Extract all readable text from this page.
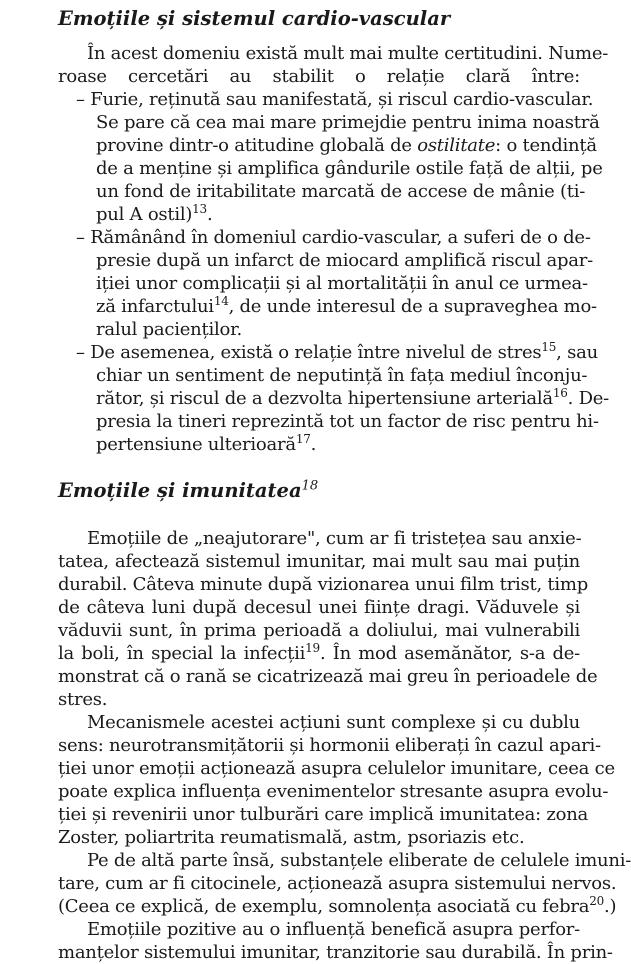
Emoțiile și sistemul cardio-vascular
În acest domeniu există mult mai multe certitudini. Nume-
roase cercetări au stabilit o relație clară între:
– Furie, reținută sau manifestată, și riscul cardio-vascular.
Se pare că cea mai mare primejdie pentru inima noastră
provine dintr-o atitudine globală de ostilitate: o tendință
de a menține și amplifica gândurile ostile față de alții, pe
un fond de iritabilitate marcată de accese de mânie (ti-
pul A ostil)$^{13}$.
– Rămânând în domeniul cardio-vascular, a suferi de o de-
presie după un infarct de miocard amplifică riscul apar-
iției unor complicații și al mortalității în anul ce urmea-
ză infarctului$^{14}$, de unde interesul de a supraveghea mo-
ralul pacienților.
– De asemenea, există o relație între nivelul de stres$^{15}$, sau
chiar un sentiment de neputință în fața mediul înconju-
rător, și riscul de a dezvolta hipertensiune arterială$^{16}$. De-
presia la tineri reprezintă tot un factor de risc pentru hi-
pertensiune ulterioară$^{17}$.
Emoțiile și imunitatea$^{18}$
Emoțiile de „neajutorare", cum ar fi tristețea sau anxie-
tatea, afectează sistemul imunitar, mai mult sau mai puțin
durabil. Câteva minute după vizionarea unui film trist, timp
de câteva luni după decesul unei ființe dragi. Văduvele și
văduvii sunt, în prima perioadă a doliului, mai vulnerabili
la boli, în special la infecții$^{19}$. În mod asemănător, s-a de-
monstrat că o rană se cicatrizează mai greu în perioadele de
stres.
Mecanismele acestei acțiuni sunt complexe și cu dublu
sens: neurotransmițătorii și hormonii eliberați în cazul apari-
ției unor emoții acționează asupra celulelor imunitare, ceea ce
poate explica influența evenimentelor stresante asupra evolu-
ției și revenirii unor tulburări care implică imunitatea: zona
Zoster, poliartrita reumatismală, astm, psoriazis etc.
Pe de altă parte însă, substanțele eliberate de celulele imuni-
tare, cum ar fi citocinele, acționează asupra sistemului nervos.
(Ceea ce explică, de exemplu, somnolența asociată cu febra$^{20}$.)
Emoțiile pozitive au o influență benefică asupra perfor-
manțelor sistemului imunitar, tranzitorie sau durabilă. În prin-
